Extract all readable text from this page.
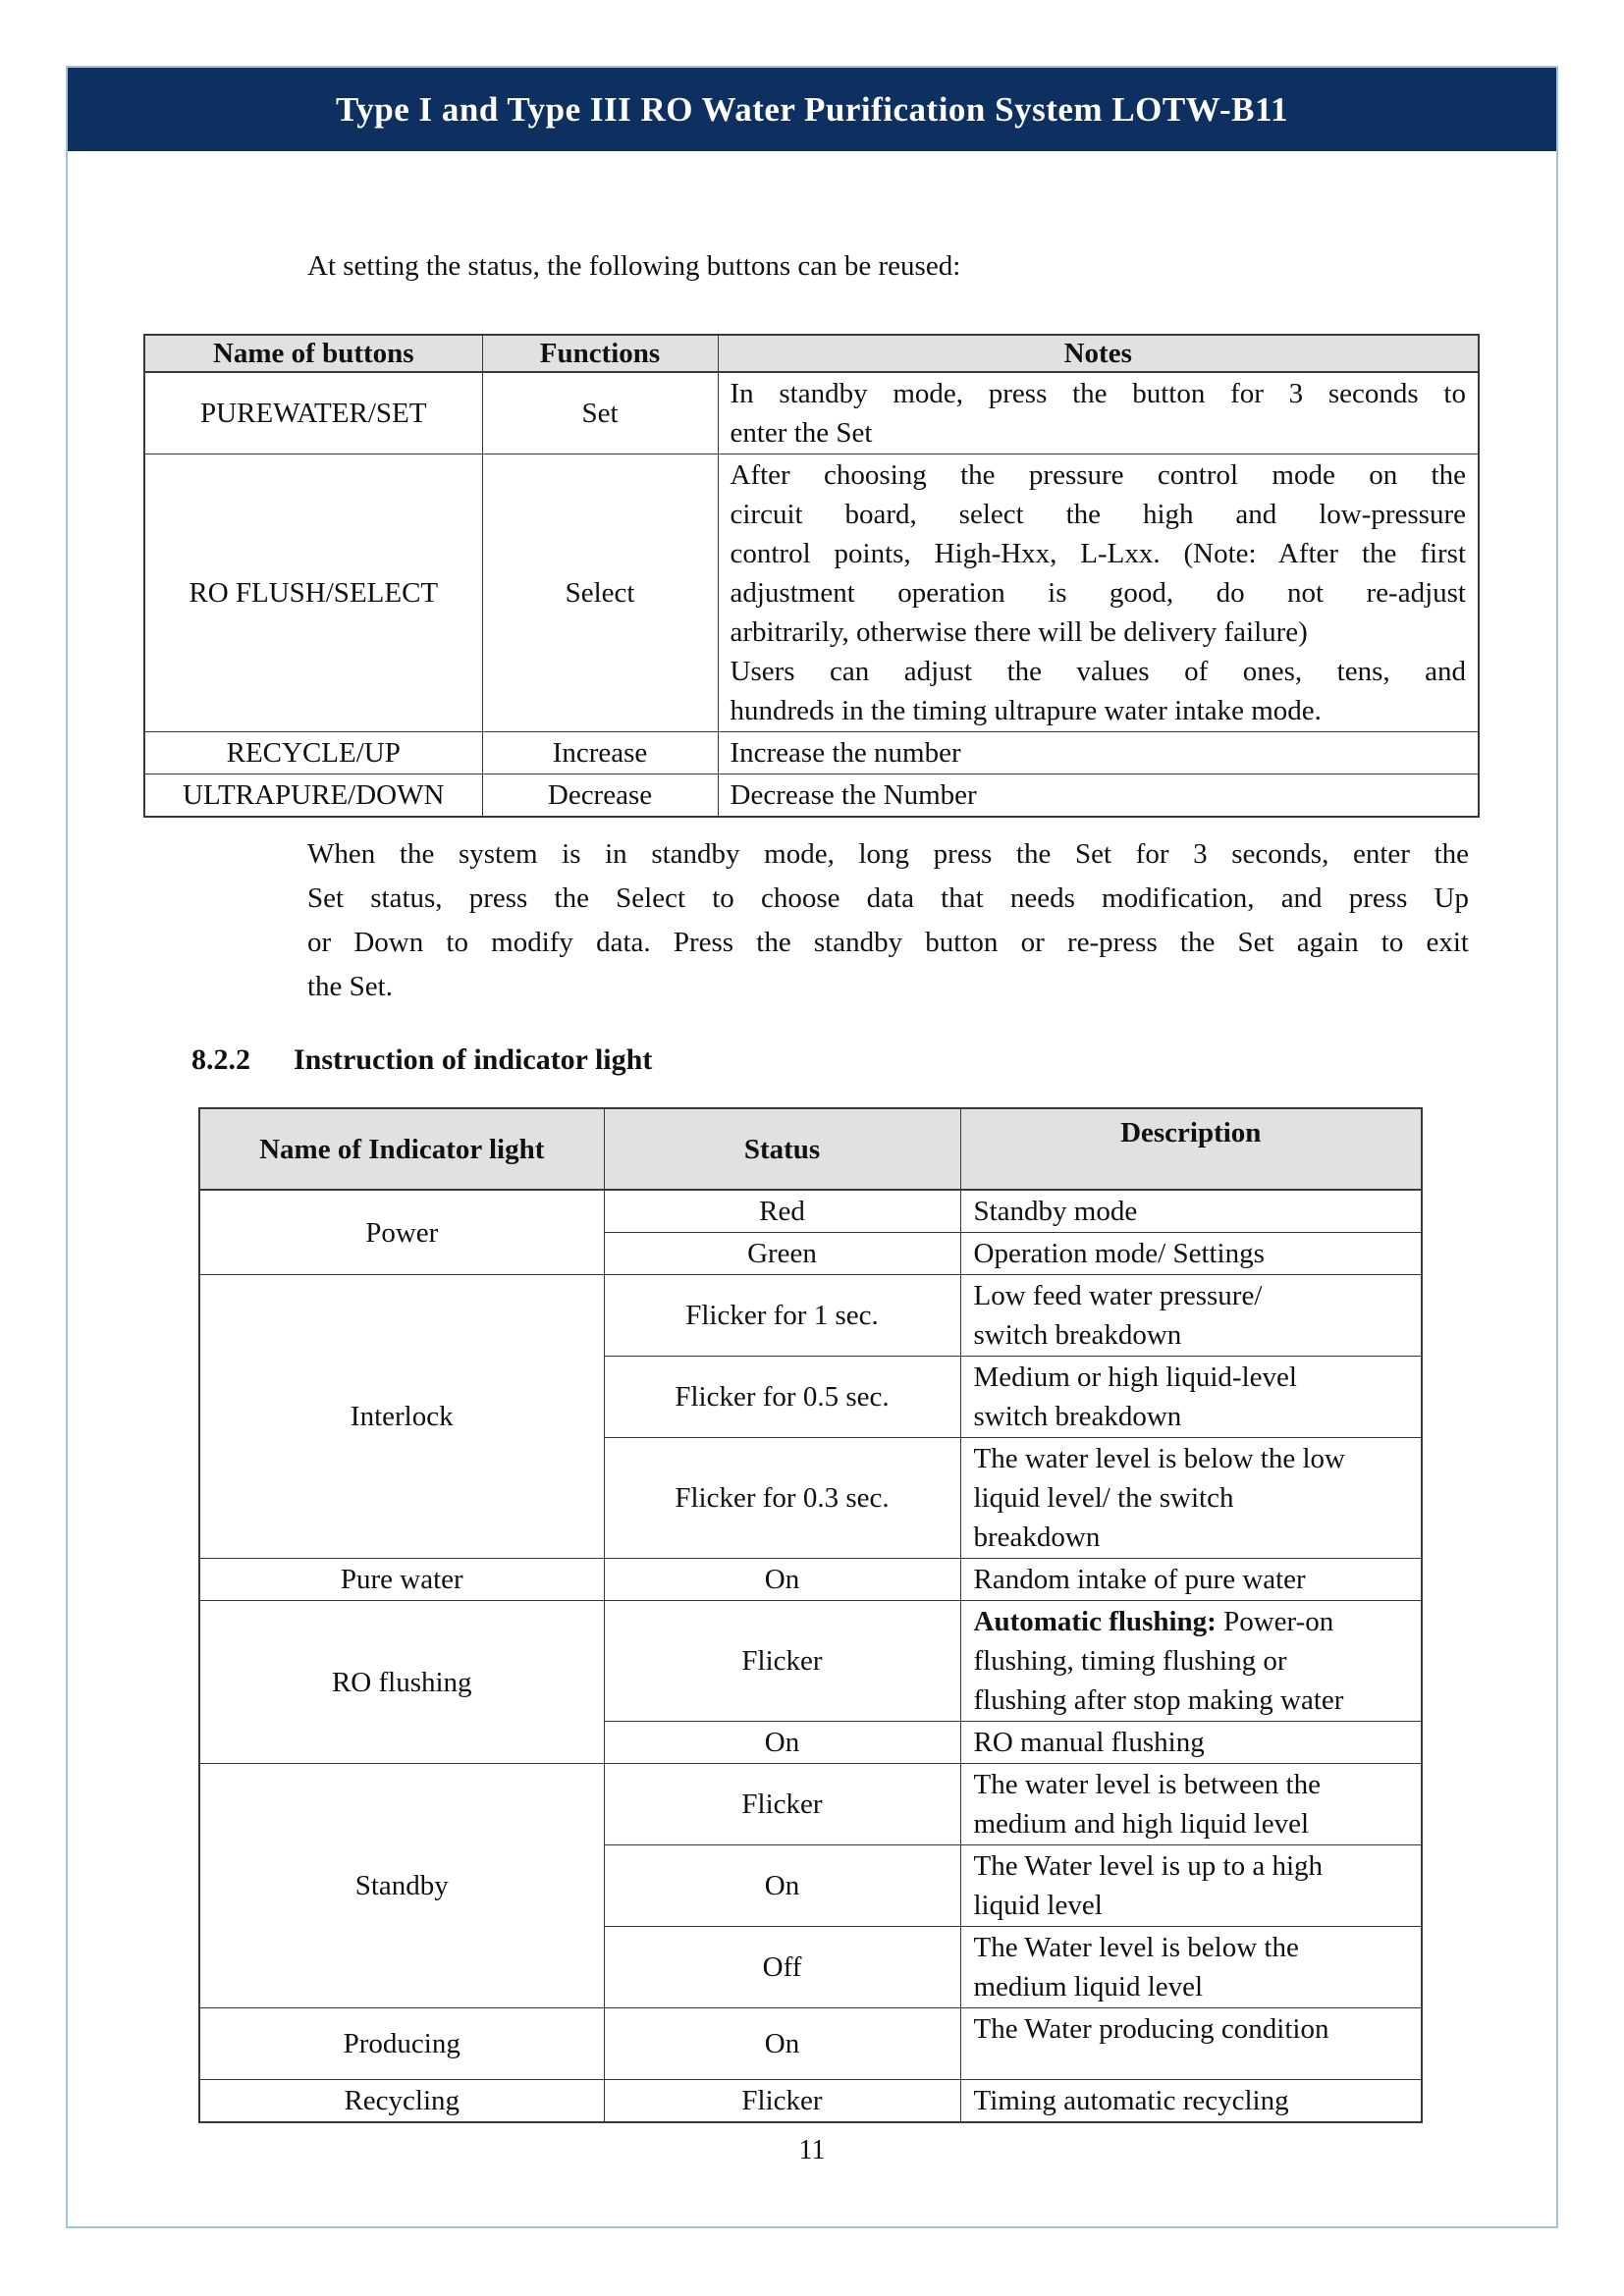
Type I and Type III RO Water Purification System LOTW-B11

At setting the status, the following buttons can be reused:

Name of buttons	Functions	Notes
PUREWATER/SET	Set	In standby mode, press the button for 3 seconds to
enter the Set

RO FLUSH/SELECT	Select	
After choosing the pressure control mode on the
circuit board, select the high and low-pressure
control points, High-Hxx, L-Lxx. (Note: After the first
adjustment operation is good, do not re-adjust
arbitrarily, otherwise there will be delivery failure)
Users can adjust the values of ones, tens, and
hundreds in the timing ultrapure water intake mode.

RECYCLE/UP	Increase	Increase the number

ULTRAPURE/DOWN	Decrease	Decrease the Number

When the system is in standby mode, long press the Set for 3 seconds, enter the
Set status, press the Select to choose data that needs modification, and press Up
or Down to modify data. Press the standby button or re-press the Set again to exit
the Set.

8.2.2 Instruction of indicator light
Name of Indicator light	Status	Description
Power	Red	Standby mode

	Green	Operation mode/ Settings

Interlock	Flicker for 1 sec.	Low feed water pressure/
switch breakdown

	Flicker for 0.5 sec.	Medium or high liquid-level
switch breakdown

	Flicker for 0.3 sec.	The water level is below the low
liquid level/ the switch
breakdown

Pure water	On	Random intake of pure water

RO flushing	Flicker	Automatic flushing: Power-on
flushing, timing flushing or
flushing after stop making water

	On	RO manual flushing

Standby	Flicker	The water level is between the
medium and high liquid level

	On	The Water level is up to a high
liquid level

	Off	The Water level is below the
medium liquid level

Producing	On	The Water producing condition

Recycling	Flicker	Timing automatic recycling
11
